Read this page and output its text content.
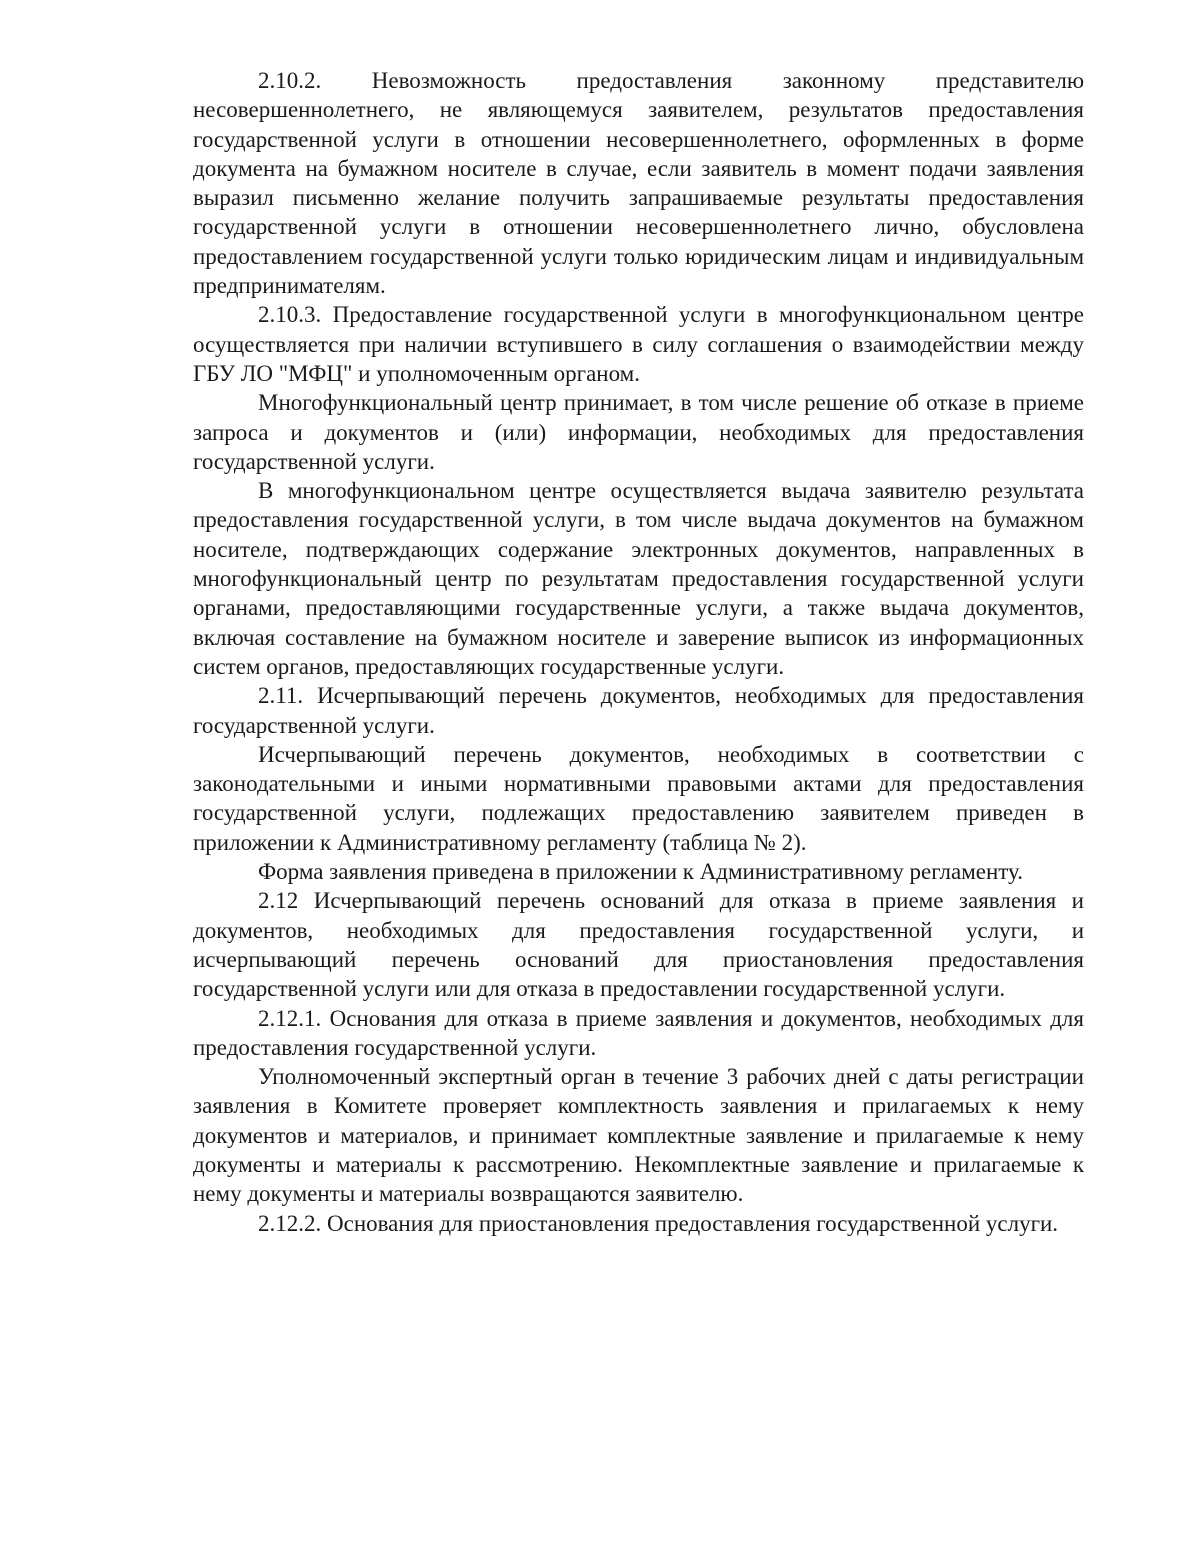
2.10.2. Невозможность предоставления законному представителю несовершеннолетнего, не являющемуся заявителем, результатов предоставления государственной услуги в отношении несовершеннолетнего, оформленных в форме документа на бумажном носителе в случае, если заявитель в момент подачи заявления выразил письменно желание получить запрашиваемые результаты предоставления государственной услуги в отношении несовершеннолетнего лично, обусловлена предоставлением государственной услуги только юридическим лицам и индивидуальным предпринимателям.

2.10.3. Предоставление государственной услуги в многофункциональном центре осуществляется при наличии вступившего в силу соглашения о взаимодействии между ГБУ ЛО "МФЦ" и уполномоченным органом.

Многофункциональный центр принимает, в том числе решение об отказе в приеме запроса и документов и (или) информации, необходимых для предоставления государственной услуги.

В многофункциональном центре осуществляется выдача заявителю результата предоставления государственной услуги, в том числе выдача документов на бумажном носителе, подтверждающих содержание электронных документов, направленных в многофункциональный центр по результатам предоставления государственной услуги органами, предоставляющими государственные услуги, а также выдача документов, включая составление на бумажном носителе и заверение выписок из информационных систем органов, предоставляющих государственные услуги.

2.11. Исчерпывающий перечень документов, необходимых для предоставления государственной услуги.

Исчерпывающий перечень документов, необходимых в соответствии с законодательными и иными нормативными правовыми актами для предоставления государственной услуги, подлежащих предоставлению заявителем приведен в приложении к Административному регламенту (таблица № 2).

Форма заявления приведена в приложении к Административному регламенту.

2.12 Исчерпывающий перечень оснований для отказа в приеме заявления и документов, необходимых для предоставления государственной услуги, и исчерпывающий перечень оснований для приостановления предоставления государственной услуги или для отказа в предоставлении государственной услуги.

2.12.1. Основания для отказа в приеме заявления и документов, необходимых для предоставления государственной услуги.

Уполномоченный экспертный орган в течение 3 рабочих дней с даты регистрации заявления в Комитете проверяет комплектность заявления и прилагаемых к нему документов и материалов, и принимает комплектные заявление и прилагаемые к нему документы и материалы к рассмотрению. Некомплектные заявление и прилагаемые к нему документы и материалы возвращаются заявителю.

2.12.2. Основания для приостановления предоставления государственной услуги.
